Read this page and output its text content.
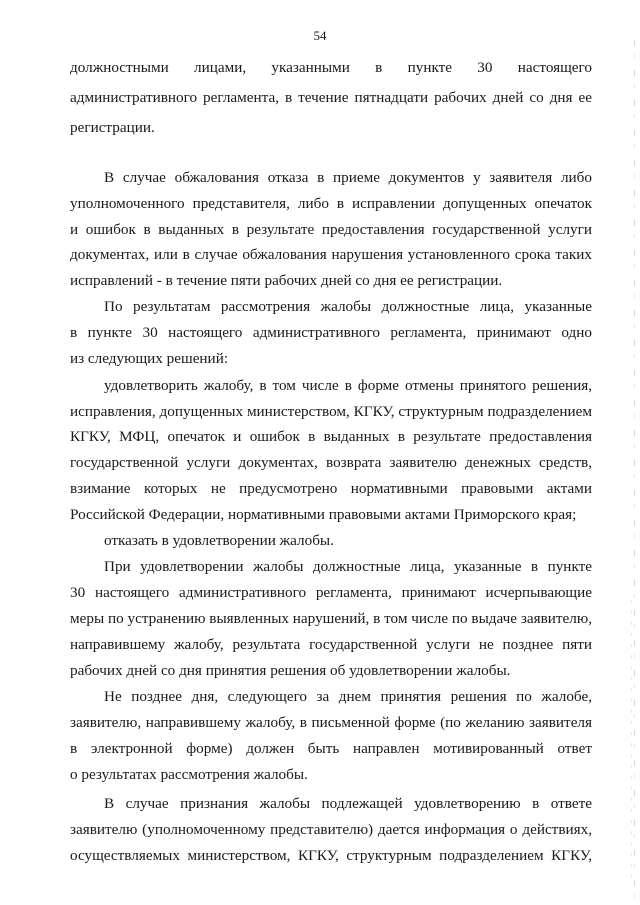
54
должностными лицами, указанными в пункте 30 настоящего
административного регламента, в течение пятнадцати рабочих дней со дня ее
регистрации.
В случае обжалования отказа в приеме документов у заявителя либо
уполномоченного представителя, либо в исправлении допущенных опечаток
и ошибок в выданных в результате предоставления государственной услуги
документах, или в случае обжалования нарушения установленного срока таких
исправлений - в течение пяти рабочих дней со дня ее регистрации.
По результатам рассмотрения жалобы должностные лица, указанные
в пункте 30 настоящего административного регламента, принимают одно
из следующих решений:
удовлетворить жалобу, в том числе в форме отмены принятого решения,
исправления, допущенных министерством, КГКУ, структурным подразделением
КГКУ, МФЦ, опечаток и ошибок в выданных в результате предоставления
государственной услуги документах, возврата заявителю денежных средств,
взимание которых не предусмотрено нормативными правовыми актами
Российской Федерации, нормативными правовыми актами Приморского края;
отказать в удовлетворении жалобы.
При удовлетворении жалобы должностные лица, указанные в пункте
30 настоящего административного регламента, принимают исчерпывающие
меры по устранению выявленных нарушений, в том числе по выдаче заявителю,
направившему жалобу, результата государственной услуги не позднее пяти
рабочих дней со дня принятия решения об удовлетворении жалобы.
Не позднее дня, следующего за днем принятия решения по жалобе,
заявителю, направившему жалобу, в письменной форме (по желанию заявителя
в электронной форме) должен быть направлен мотивированный ответ
о результатах рассмотрения жалобы.
В случае признания жалобы подлежащей удовлетворению в ответе
заявителю (уполномоченному представителю) дается информация о действиях,
осуществляемых министерством, КГКУ, структурным подразделением КГКУ,
